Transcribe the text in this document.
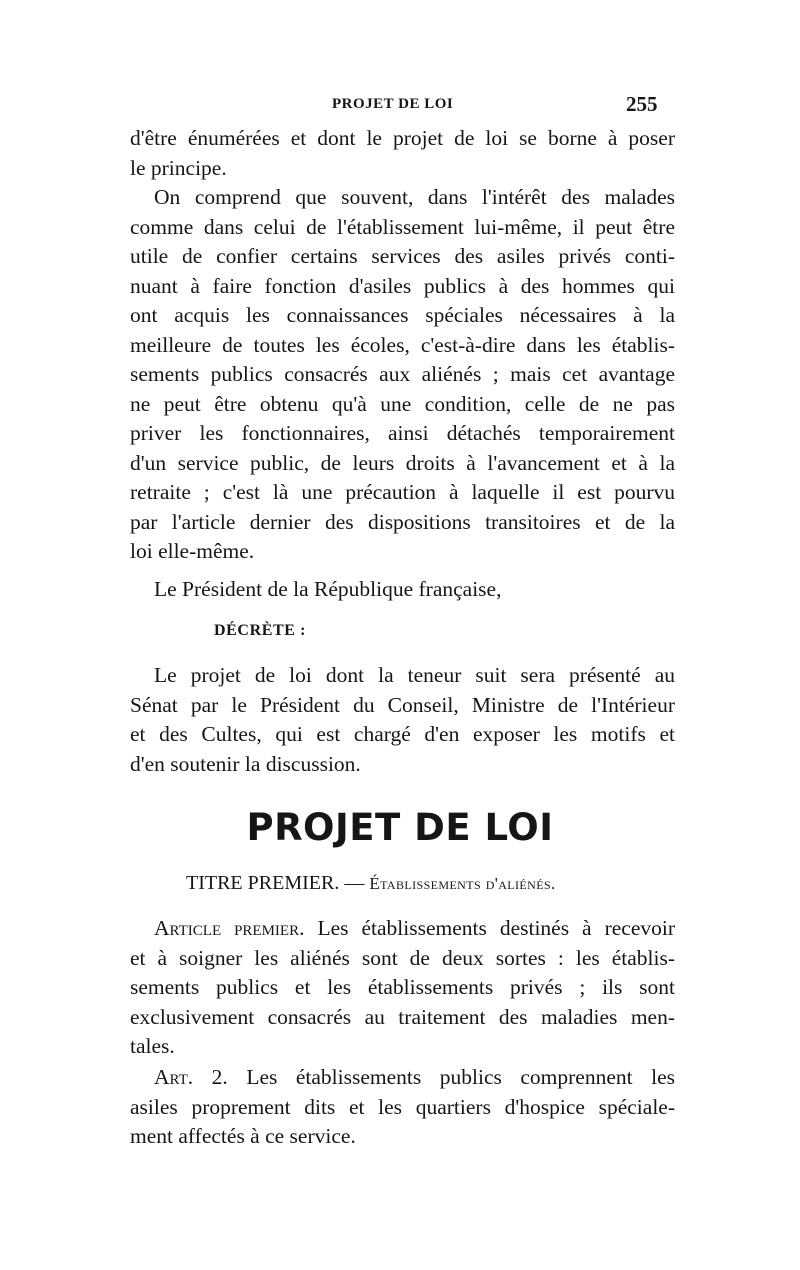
PROJET DE LOI	255
d'être énumérées et dont le projet de loi se borne à poser
le principe.
On comprend que souvent, dans l'intérêt des malades
comme dans celui de l'établissement lui-même, il peut être
utile de confier certains services des asiles privés conti-
nuant à faire fonction d'asiles publics à des hommes qui
ont acquis les connaissances spéciales nécessaires à la
meilleure de toutes les écoles, c'est-à-dire dans les établis-
sements publics consacrés aux aliénés ; mais cet avantage
ne peut être obtenu qu'à une condition, celle de ne pas
priver les fonctionnaires, ainsi détachés temporairement
d'un service public, de leurs droits à l'avancement et à la
retraite ; c'est là une précaution à laquelle il est pourvu
par l'article dernier des dispositions transitoires et de la
loi elle-même.
Le Président de la République française,
DÉCRÈTE :
Le projet de loi dont la teneur suit sera présenté au
Sénat par le Président du Conseil, Ministre de l'Intérieur
et des Cultes, qui est chargé d'en exposer les motifs et
d'en soutenir la discussion.
PROJET DE LOI
TITRE PREMIER. — Établissements d'aliénés.
Article premier. Les établissements destinés à recevoir
et à soigner les aliénés sont de deux sortes : les établis-
sements publics et les établissements privés ; ils sont
exclusivement consacrés au traitement des maladies men-
tales.
Art. 2. Les établissements publics comprennent les
asiles proprement dits et les quartiers d'hospice spéciale-
ment affectés à ce service.
